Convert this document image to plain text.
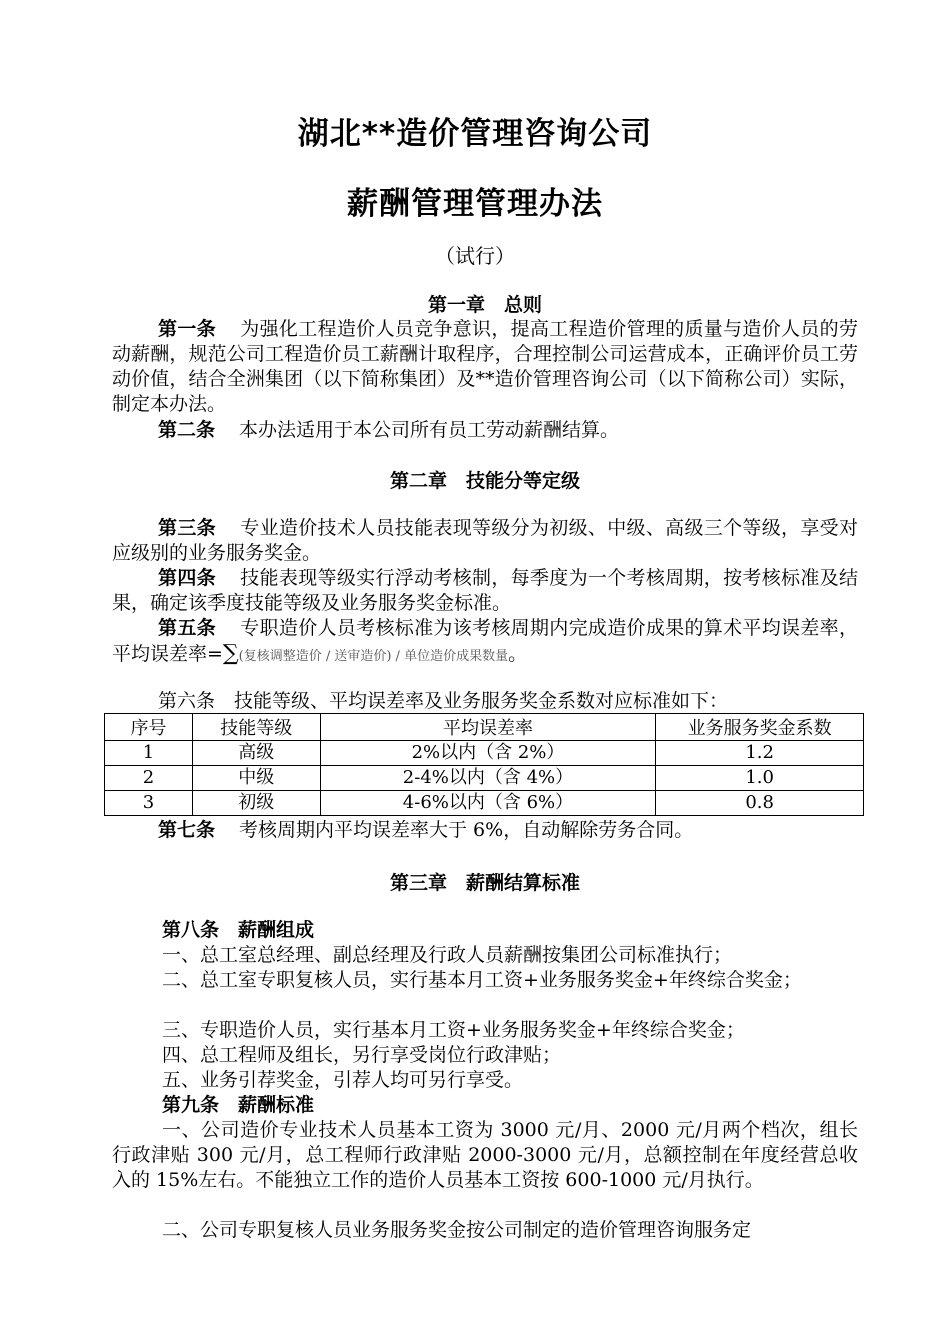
湖北**造价管理咨询公司
薪酬管理管理办法
（试行）
第一章　总则
第一条 为强化工程造价人员竞争意识，提高工程造价管理的质量与造价人员的劳动薪酬，规范公司工程造价员工薪酬计取程序，合理控制公司运营成本，正确评价员工劳动价值，结合全洲集团（以下简称集团）及**造价管理咨询公司（以下简称公司）实际，制定本办法。
第二条 本办法适用于本公司所有员工劳动薪酬结算。
第二章　技能分等定级
第三条 专业造价技术人员技能表现等级分为初级、中级、高级三个等级，享受对应级别的业务服务奖金。
第四条 技能表现等级实行浮动考核制，每季度为一个考核周期，按考核标准及结果，确定该季度技能等级及业务服务奖金标准。
第五条 专职造价人员考核标准为该考核周期内完成造价成果的算术平均误差率，平均误差率=∑(复核调整造价 / 送审造价) / 单位造价成果数量。
第六条　技能等级、平均误差率及业务服务奖金系数对应标准如下：
序号	技能等级	平均误差率	业务服务奖金系数
1	高级	2%以内（含 2%）	1.2
2	中级	2-4%以内（含 4%）	1.0
3	初级	4-6%以内（含 6%）	0.8
第七条 考核周期内平均误差率大于 6%，自动解除劳务合同。
第三章　薪酬结算标准
第八条　薪酬组成
一、总工室总经理、副总经理及行政人员薪酬按集团公司标准执行；
二、总工室专职复核人员，实行基本月工资+业务服务奖金+年终综合奖金；
三、专职造价人员，实行基本月工资+业务服务奖金+年终综合奖金；
四、总工程师及组长，另行享受岗位行政津贴；
五、业务引荐奖金，引荐人均可另行享受。
第九条　薪酬标准
一、公司造价专业技术人员基本工资为 3000 元/月、2000 元/月两个档次，组长行政津贴 300 元/月，总工程师行政津贴 2000-3000 元/月，总额控制在年度经营总收入的 15%左右。不能独立工作的造价人员基本工资按 600-1000 元/月执行。
二、公司专职复核人员业务服务奖金按公司制定的造价管理咨询服务定
